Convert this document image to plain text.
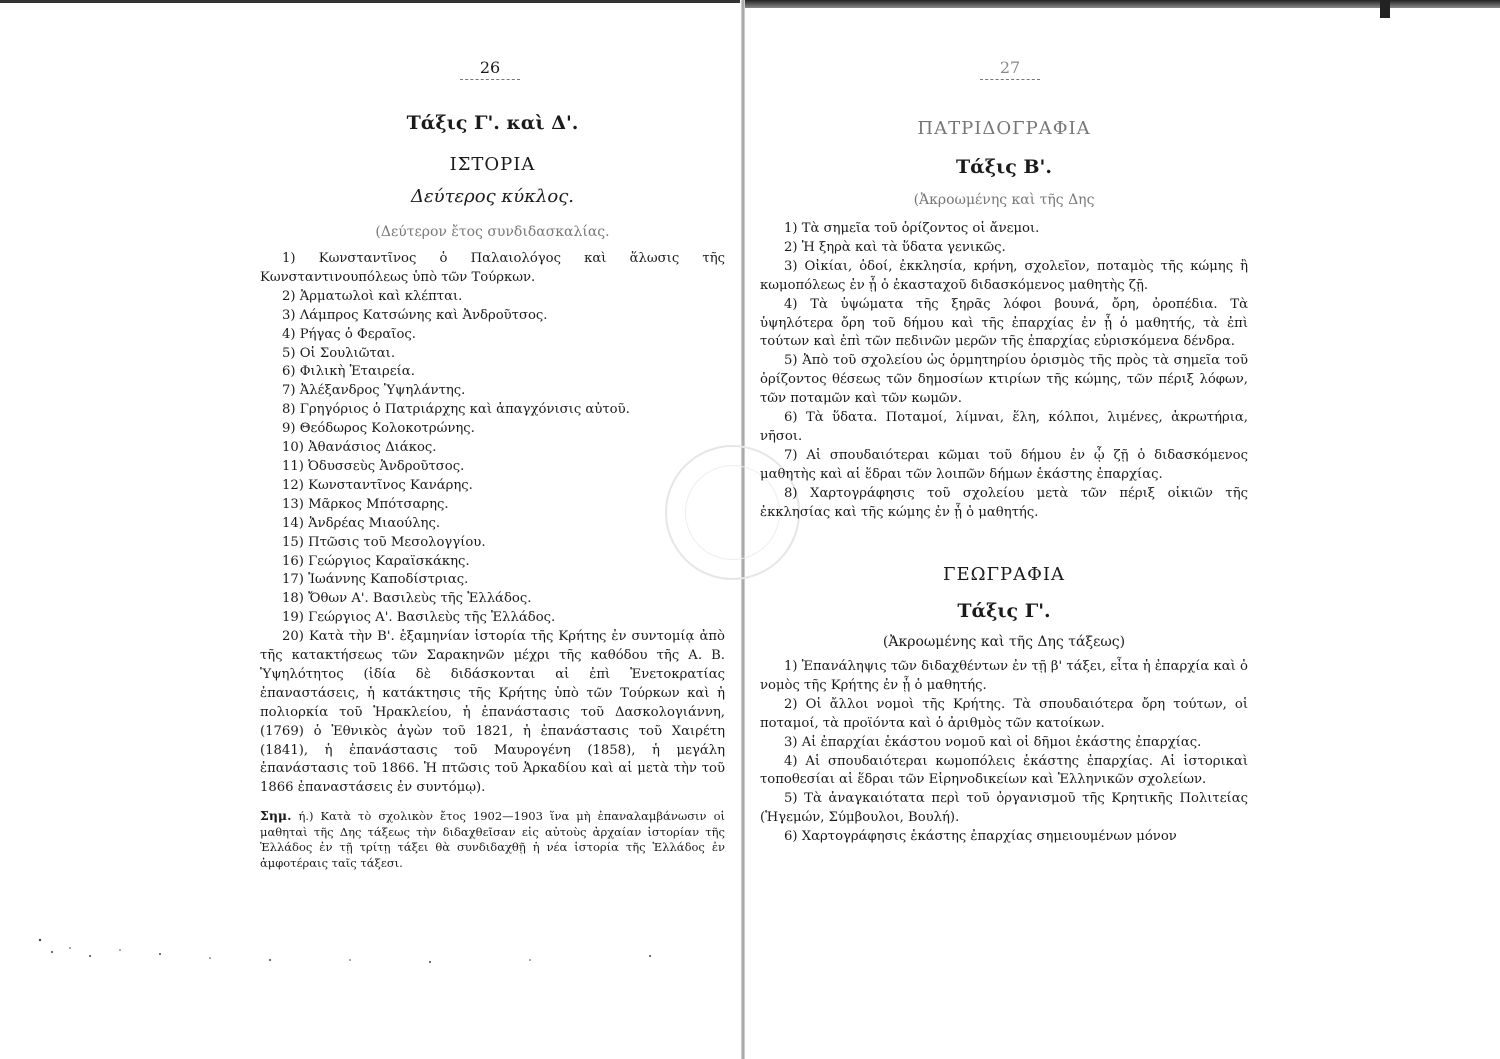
26
Τάξις Γ'. καὶ Δ'.
ΙΣΤΟΡΙΑ
Δεύτερος κύκλος.
(Δεύτερον ἔτος συνδιδασκαλίας.
1) Κωνσταντῖνος ὁ Παλαιολόγος καὶ ἅλωσις τῆς Κωνσταντινουπόλεως ὑπὸ τῶν Τούρκων.
2) Ἁρματωλοὶ καὶ κλέπται.
3) Λάμπρος Κατσώνης καὶ Ἀνδροῦτσος.
4) Ρήγας ὁ Φεραῖος.
5) Οἱ Σουλιῶται.
6) Φιλικὴ Ἑταιρεία.
7) Ἀλέξανδρος Ὑψηλάντης.
8) Γρηγόριος ὁ Πατριάρχης καὶ ἀπαγχόνισις αὐτοῦ.
9) Θεόδωρος Κολοκοτρώνης.
10) Ἀθανάσιος Διάκος.
11) Ὀδυσσεὺς Ἀνδροῦτσος.
12) Κωνσταντῖνος Κανάρης.
13) Μᾶρκος Μπότσαρης.
14) Ἀνδρέας Μιαούλης.
15) Πτῶσις τοῦ Μεσολογγίου.
16) Γεώργιος Καραϊσκάκης.
17) Ἰωάννης Καποδίστριας.
18) Ὄθων Α'. Βασιλεὺς τῆς Ἑλλάδος.
19) Γεώργιος Α'. Βασιλεὺς τῆς Ἑλλάδος.
20) Κατὰ τὴν Β'. ἑξαμηνίαν ἱστορία τῆς Κρήτης ἐν συντομίᾳ ἀπὸ τῆς κατακτήσεως τῶν Σαρακηνῶν μέχρι τῆς καθόδου τῆς Α. Β. Ὑψηλότητος (ἰδία δὲ διδάσκονται αἱ ἐπὶ Ἑνετοκρατίας ἐπαναστάσεις, ἡ κατάκτησις τῆς Κρήτης ὑπὸ τῶν Τούρκων καὶ ἡ πολιορκία τοῦ Ἡρακλείου, ἡ ἐπανάστασις τοῦ Δασκολογιάννη, (1769) ὁ Ἐθνικὸς ἀγὼν τοῦ 1821, ἡ ἐπανάστασις τοῦ Χαιρέτη (1841), ἡ ἐπανάστασις τοῦ Μαυρογένη (1858), ἡ μεγάλη ἐπανάστασις τοῦ 1866. Ἡ πτῶσις τοῦ Ἀρκαδίου καὶ αἱ μετὰ τὴν τοῦ 1866 ἐπαναστάσεις ἐν συντόμῳ).
Σημ. ή.) Κατὰ τὸ σχολικὸν ἔτος 1902—1903 ἵνα μὴ ἐπαναλαμβάνωσιν οἱ μαθηταὶ τῆς Δης τάξεως τὴν διδαχθεῖσαν εἰς αὐτοὺς ἀρχαίαν ἱστορίαν τῆς Ἑλλάδος ἐν τῇ τρίτῃ τάξει θὰ συνδιδαχθῇ ἡ νέα ἱστορία τῆς Ἑλλάδος ἐν ἀμφοτέραις ταῖς τάξεσι.
27
ΠΑΤΡΙΔΟΓΡΑΦΙΑ
Τάξις Β'.
(Ἀκροωμένης καὶ τῆς Δης
1) Τὰ σημεῖα τοῦ ὁρίζοντος οἱ ἄνεμοι.
2) Ἡ ξηρὰ καὶ τὰ ὕδατα γενικῶς.
3) Οἰκίαι, ὁδοί, ἐκκλησία, κρήνη, σχολεῖον, ποταμὸς τῆς κώμης ἢ κωμοπόλεως ἐν ᾗ ὁ ἑκασταχοῦ διδασκόμενος μαθητὴς ζῇ.
4) Τὰ ὑψώματα τῆς ξηρᾶς λόφοι βουνά, ὄρη, ὀροπέδια. Τὰ ὑψηλότερα ὄρη τοῦ δήμου καὶ τῆς ἐπαρχίας ἐν ᾗ ὁ μαθητής, τὰ ἐπὶ τούτων καὶ ἐπὶ τῶν πεδινῶν μερῶν τῆς ἐπαρχίας εὑρισκόμενα δένδρα.
5) Ἀπὸ τοῦ σχολείου ὡς ὁρμητηρίου ὁρισμὸς τῆς πρὸς τὰ σημεῖα τοῦ ὁρίζοντος θέσεως τῶν δημοσίων κτιρίων τῆς κώμης, τῶν πέριξ λόφων, τῶν ποταμῶν καὶ τῶν κωμῶν.
6) Τὰ ὕδατα. Ποταμοί, λίμναι, ἕλη, κόλποι, λιμένες, ἀκρωτήρια, νῆσοι.
7) Αἱ σπουδαιότεραι κῶμαι τοῦ δήμου ἐν ᾧ ζῇ ὁ διδασκόμενος μαθητὴς καὶ αἱ ἕδραι τῶν λοιπῶν δήμων ἑκάστης ἐπαρχίας.
8) Χαρτογράφησις τοῦ σχολείου μετὰ τῶν πέριξ οἰκιῶν τῆς ἐκκλησίας καὶ τῆς κώμης ἐν ᾗ ὁ μαθητής.
ΓΕΩΓΡΑΦΙΑ
Τάξις Γ'.
(Ἀκροωμένης καὶ τῆς Δης τάξεως)
1) Ἐπανάληψις τῶν διδαχθέντων ἐν τῇ β' τάξει, εἶτα ἡ ἐπαρχία καὶ ὁ νομὸς τῆς Κρήτης ἐν ᾗ ὁ μαθητής.
2) Οἱ ἄλλοι νομοὶ τῆς Κρήτης. Τὰ σπουδαιότερα ὄρη τούτων, οἱ ποταμοί, τὰ προϊόντα καὶ ὁ ἀριθμὸς τῶν κατοίκων.
3) Αἱ ἐπαρχίαι ἑκάστου νομοῦ καὶ οἱ δῆμοι ἑκάστης ἐπαρχίας.
4) Αἱ σπουδαιότεραι κωμοπόλεις ἑκάστης ἐπαρχίας. Αἱ ἱστορικαὶ τοποθεσίαι αἱ ἕδραι τῶν Εἰρηνοδικείων καὶ Ἑλληνικῶν σχολείων.
5) Τὰ ἀναγκαιότατα περὶ τοῦ ὀργανισμοῦ τῆς Κρητικῆς Πολιτείας (Ἡγεμών, Σύμβουλοι, Βουλή).
6) Χαρτογράφησις ἑκάστης ἐπαρχίας σημειουμένων μόνον
